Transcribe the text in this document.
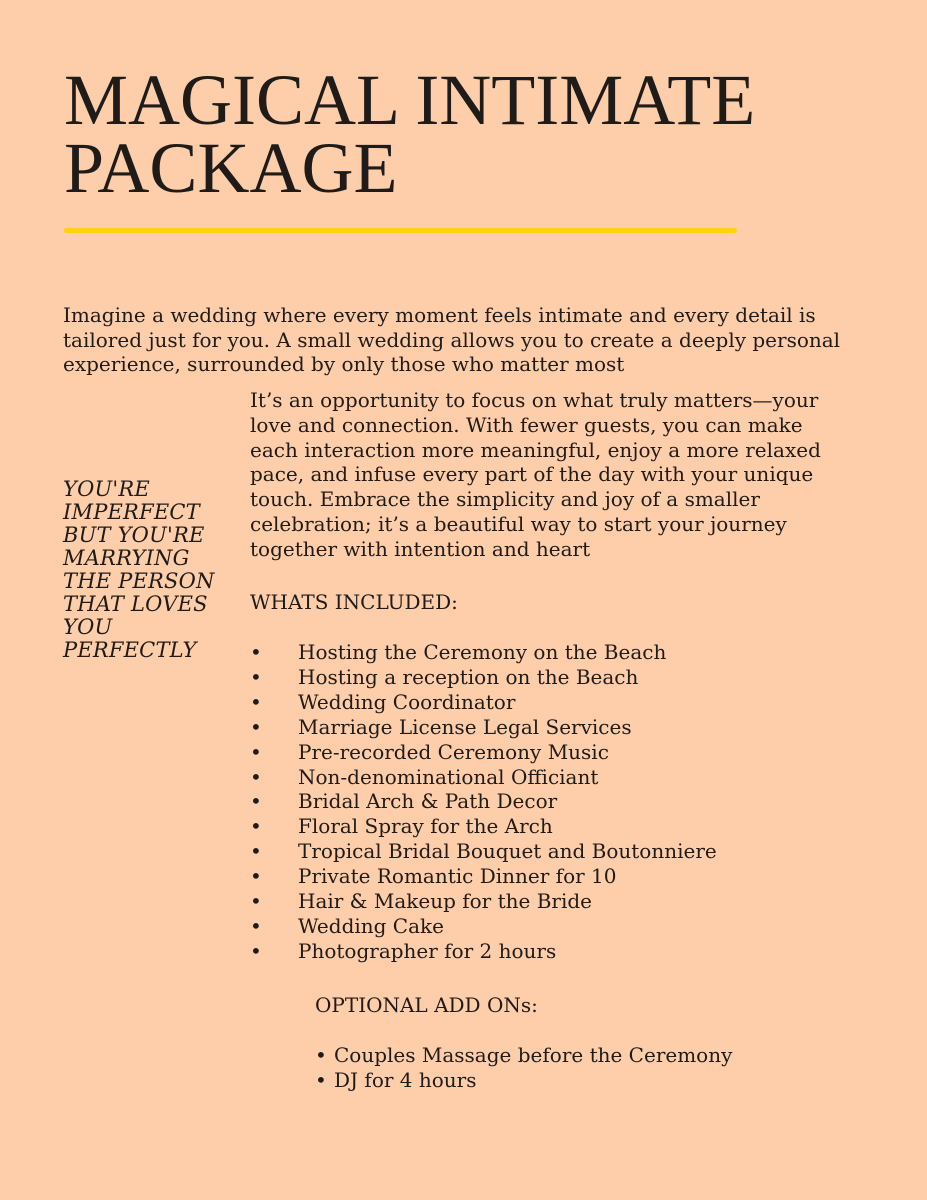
MAGICAL INTIMATE
PACKAGE

Imagine a wedding where every moment feels intimate and every detail is tailored just for you. A small wedding allows you to create a deeply personal experience, surrounded by only those who matter most

YOU'RE IMPERFECT BUT YOU'RE MARRYING THE PERSON THAT LOVES YOU PERFECTLY

It’s an opportunity to focus on what truly matters—your love and connection. With fewer guests, you can make each interaction more meaningful, enjoy a more relaxed pace, and infuse every part of the day with your unique touch. Embrace the simplicity and joy of a smaller celebration; it’s a beautiful way to start your journey together with intention and heart

WHATS INCLUDED:

• Hosting the Ceremony on the Beach
• Hosting a reception on the Beach
• Wedding Coordinator
• Marriage License Legal Services
• Pre-recorded Ceremony Music
• Non-denominational Officiant
• Bridal Arch & Path Decor
• Floral Spray for the Arch
• Tropical Bridal Bouquet and Boutonniere
• Private Romantic Dinner for 10
• Hair & Makeup for the Bride
• Wedding Cake
• Photographer for 2 hours

OPTIONAL ADD ONs:

• Couples Massage before the Ceremony
• DJ for 4 hours
